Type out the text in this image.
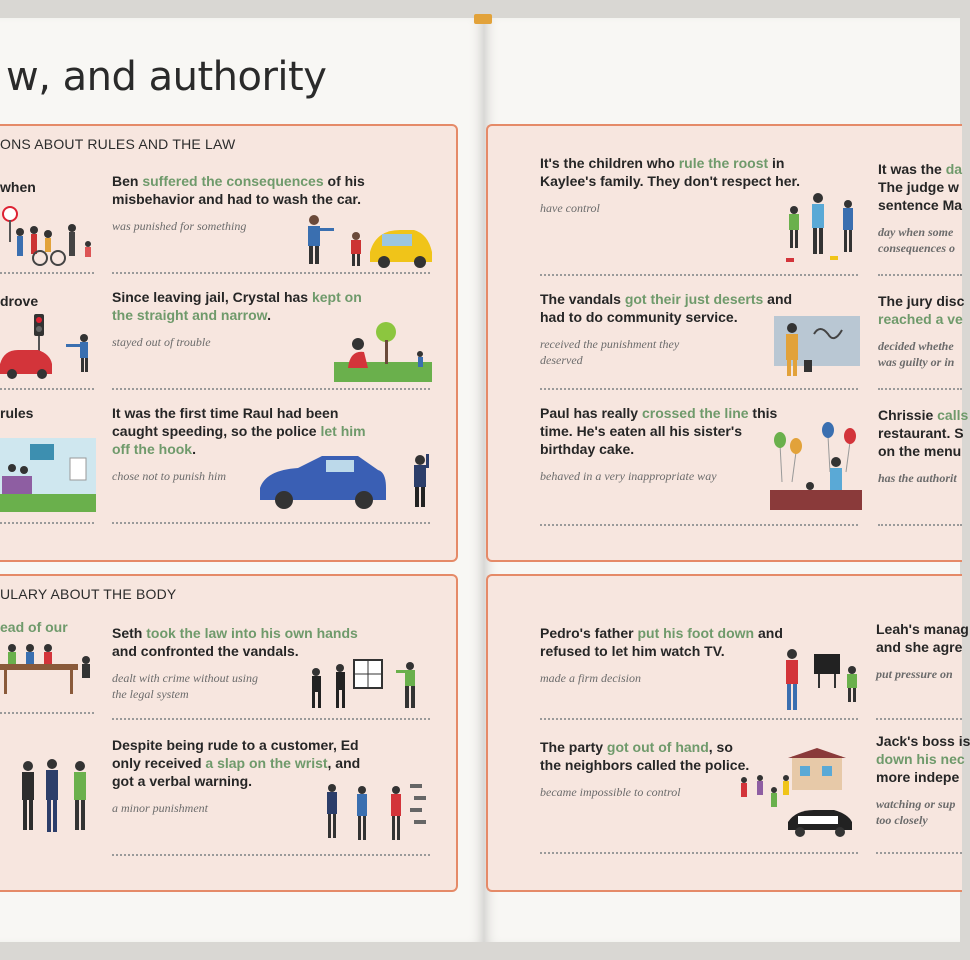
w, and authority
ONS ABOUT RULES AND THE LAW
when
drove
rules
Ben suffered the consequences of his misbehavior and had to wash the car.
was punished for something
Since leaving jail, Crystal has kept on the straight and narrow.
stayed out of trouble
It was the first time Raul had been caught speeding, so the police let him off the hook.
chose not to punish him
ULARY ABOUT THE BODY
ead of our	Seth took the law into his own hands and confronted the vandals.
dealt with crime without using the legal system
Despite being rude to a customer, Ed only received a slap on the wrist, and got a verbal warning.
a minor punishment
It's the children who rule the roost in Kaylee's family. They don't respect her.
have control
The vandals got their just deserts and had to do community service.
received the punishment they deserved
Paul has really crossed the line this time. He's eaten all his sister's birthday cake.
behaved in a very inappropriate way
It was the da
The judge w
sentence Ma
day when some
consequences o
The jury disc
reached a ve
decided whethe
was guilty or in
Chrissie calls
restaurant. S
on the menu
has the authorit
Pedro's father put his foot down and refused to let him watch TV.
made a firm decision
The party got out of hand, so the neighbors called the police.
became impossible to control
Leah's manag
and she agre
put pressure on
Jack's boss is
down his nec
more indepe
watching or sup
too closely
